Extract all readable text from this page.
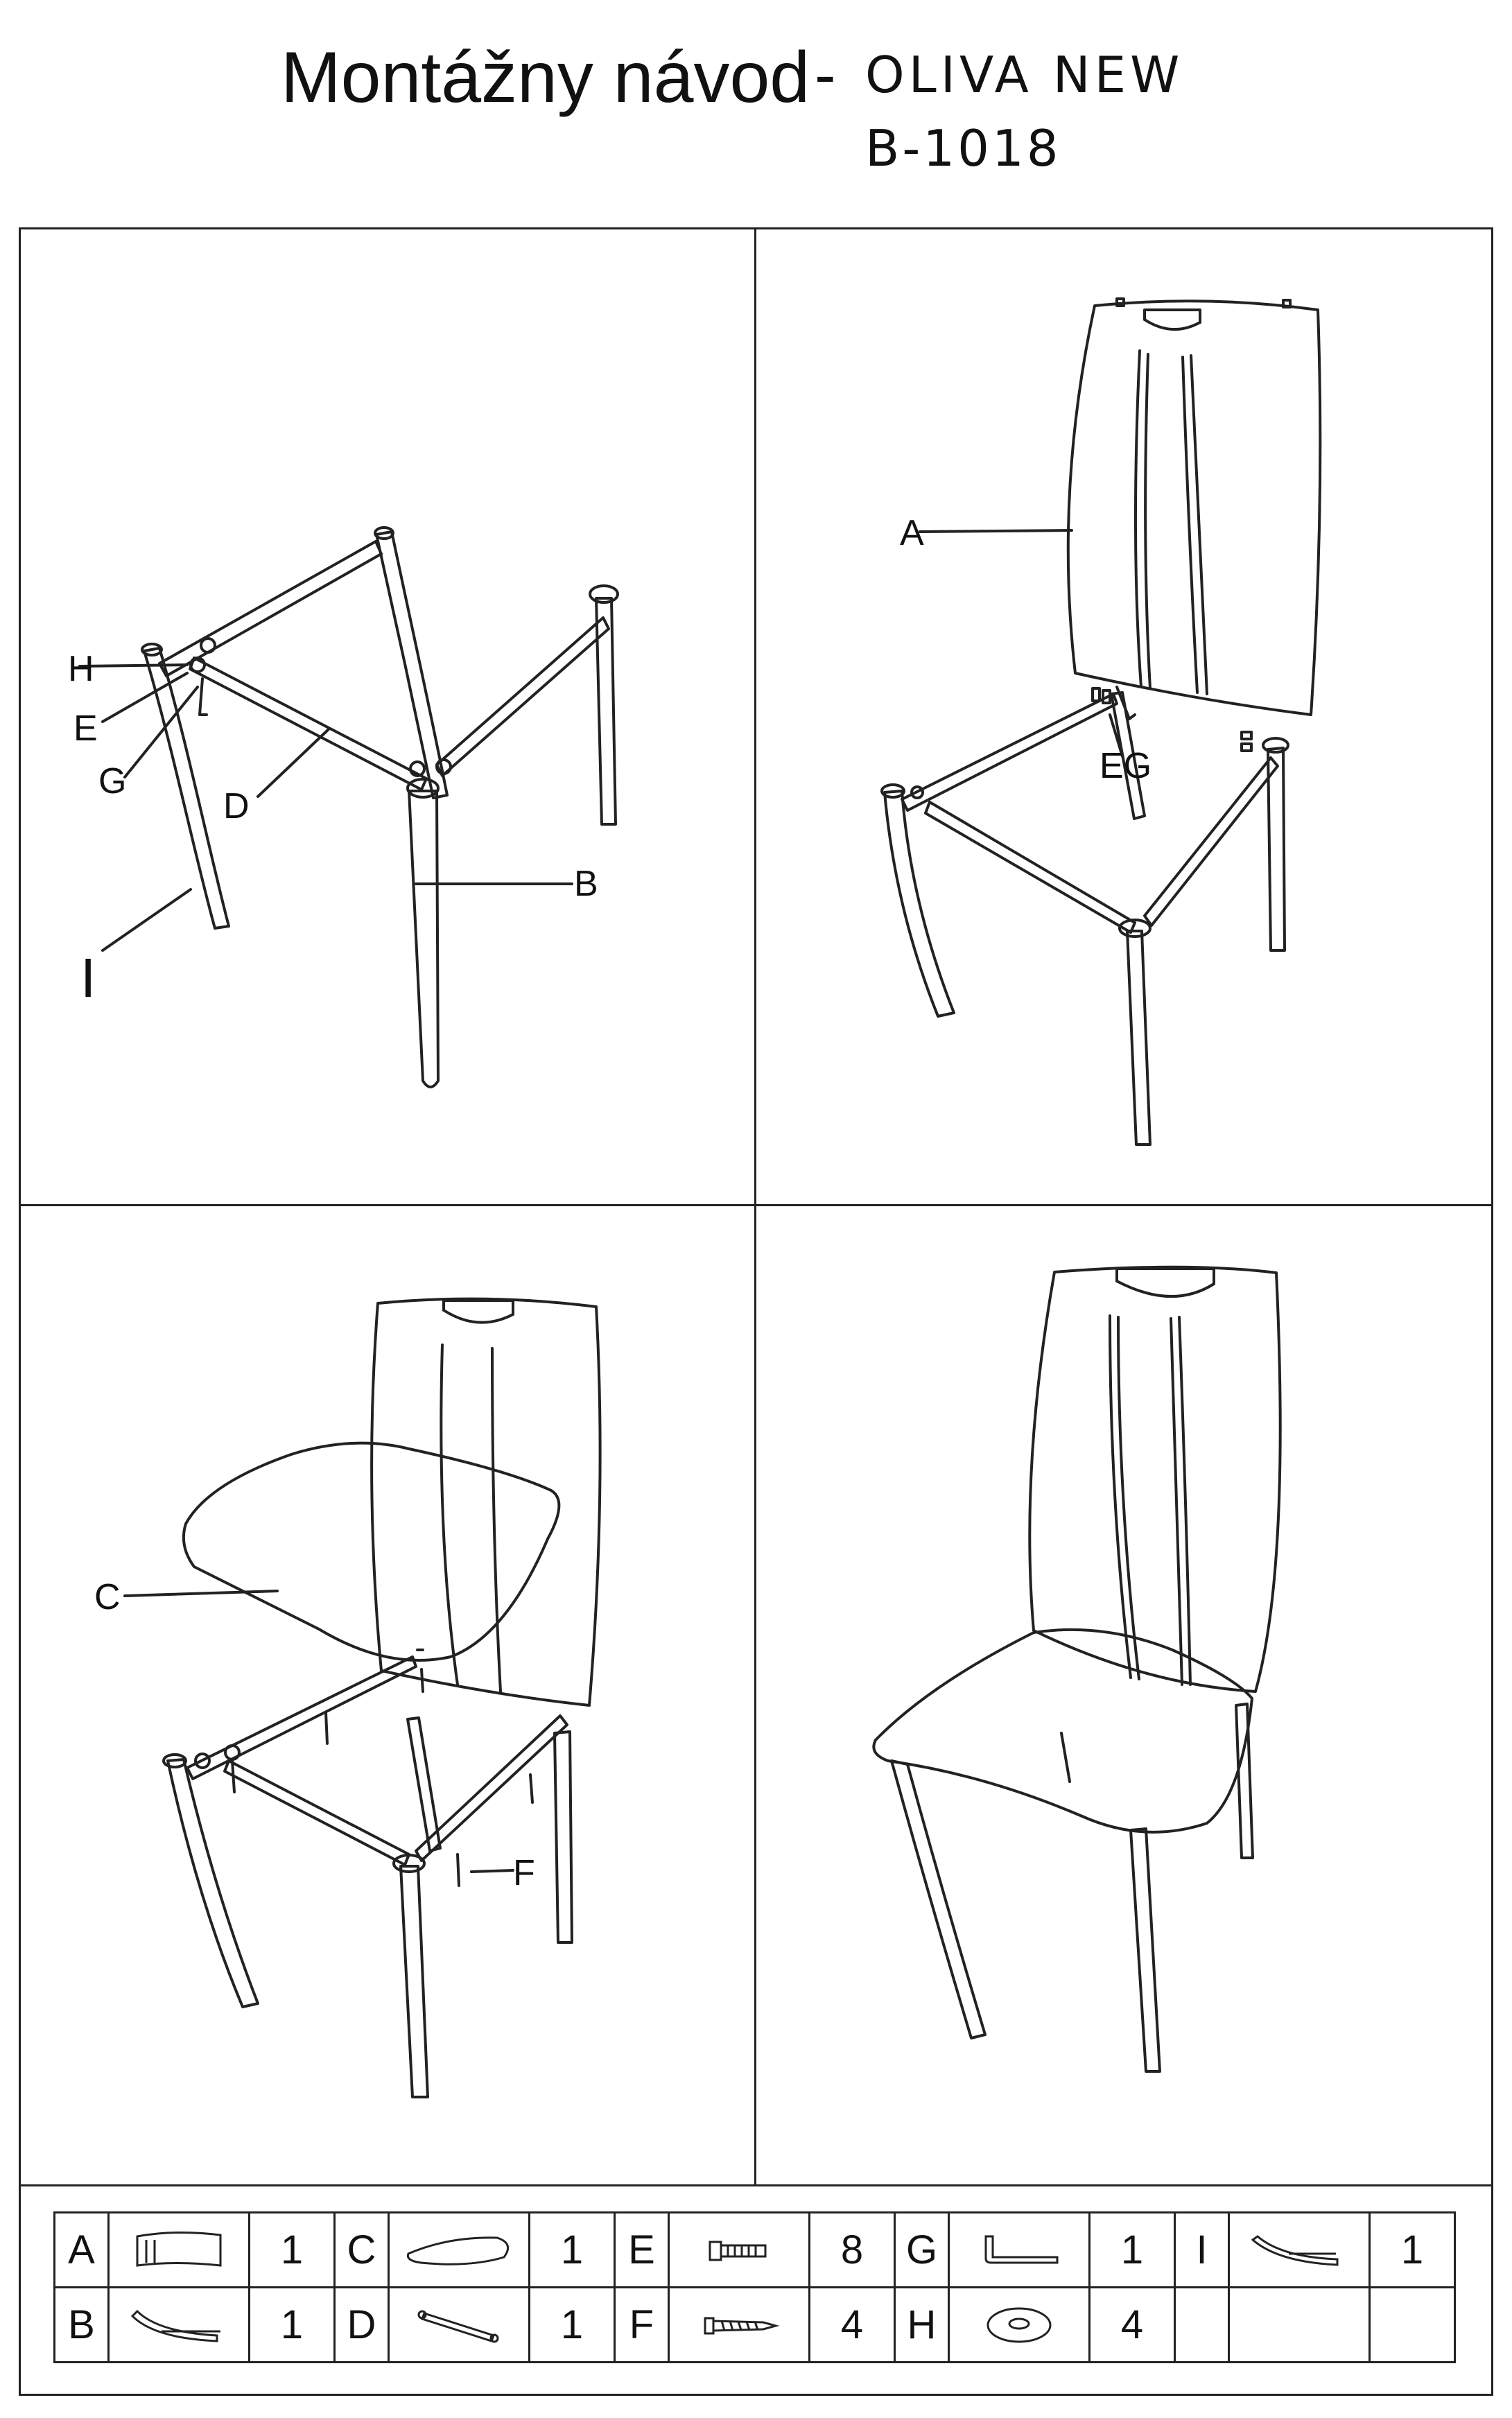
Montážny návod - OLIVA NEW
B-1018
H
E
G
D
B
I
A
EG
C
F
A		1	C		1	E		8	G		1	I		1
B		1	D		1	F		4	H		4			
